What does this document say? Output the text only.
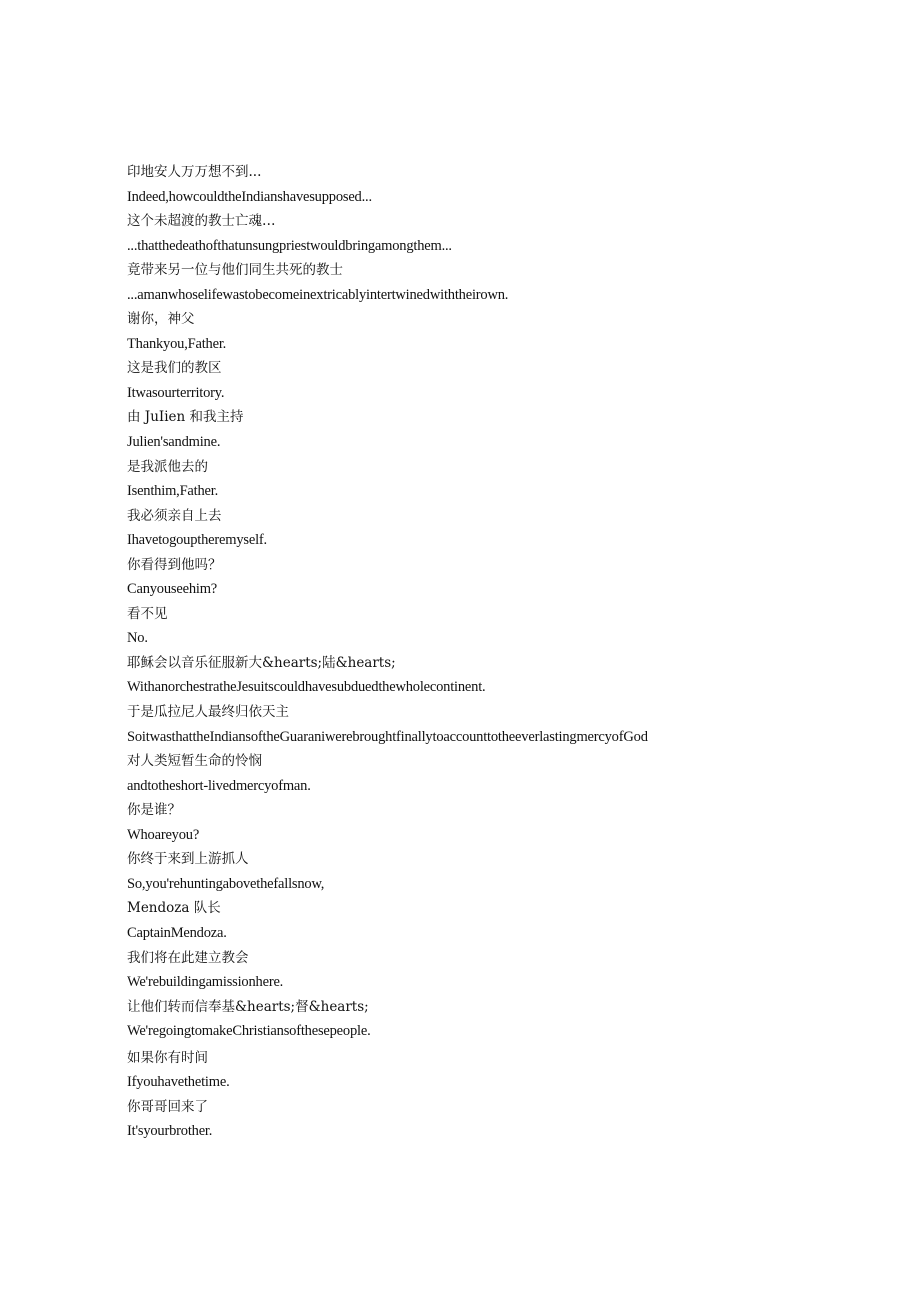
印地安人万万想不到...
Indeed,howcouldtheIndianshavesupposed...
这个未超渡的教士亡魂…
...thatthedeathofthatunsungpriestwouldbringamongthem...
竟带来另一位与他们同生共死的教士
...amanwhoselifewastobecomeinextricablyintertwinedwiththeirown.
谢你，神父
Thankyou,Father.
这是我们的教区
Itwasourterritory.
由 JuIien 和我主持
Julien'sandmine.
是我派他去的
Isenthim,Father.
我必须亲自上去
Ihavetogouptheremyself.
你看得到他吗？
Canyouseehim?
看不见
No.
耶稣会以音乐征服新大&hearts;陆&hearts;
WithanorchestratheJesuitscouldhavesubduedthewholecontinent.
于是瓜拉尼人最终归依天主
SoitwasthattheIndiansoftheGuaraniwerebroughtfinallytoaccounttotheeverlastingmercyofGod
对人类短暂生命的怜悯
andtotheshort-livedmercyofman.
你是谁？
Whoareyou?
你终于来到上游抓人
So,you'rehuntingabovethefallsnow,
Mendoza 队长
CaptainMendoza.
我们将在此建立教会
We'rebuildingamissionhere.
让他们转而信奉基&hearts;督&hearts;
We'regoingtomakeChristiansofthesepeople.
如果你有时间
Ifyouhavethetime.
你哥哥回来了
It'syourbrother.
